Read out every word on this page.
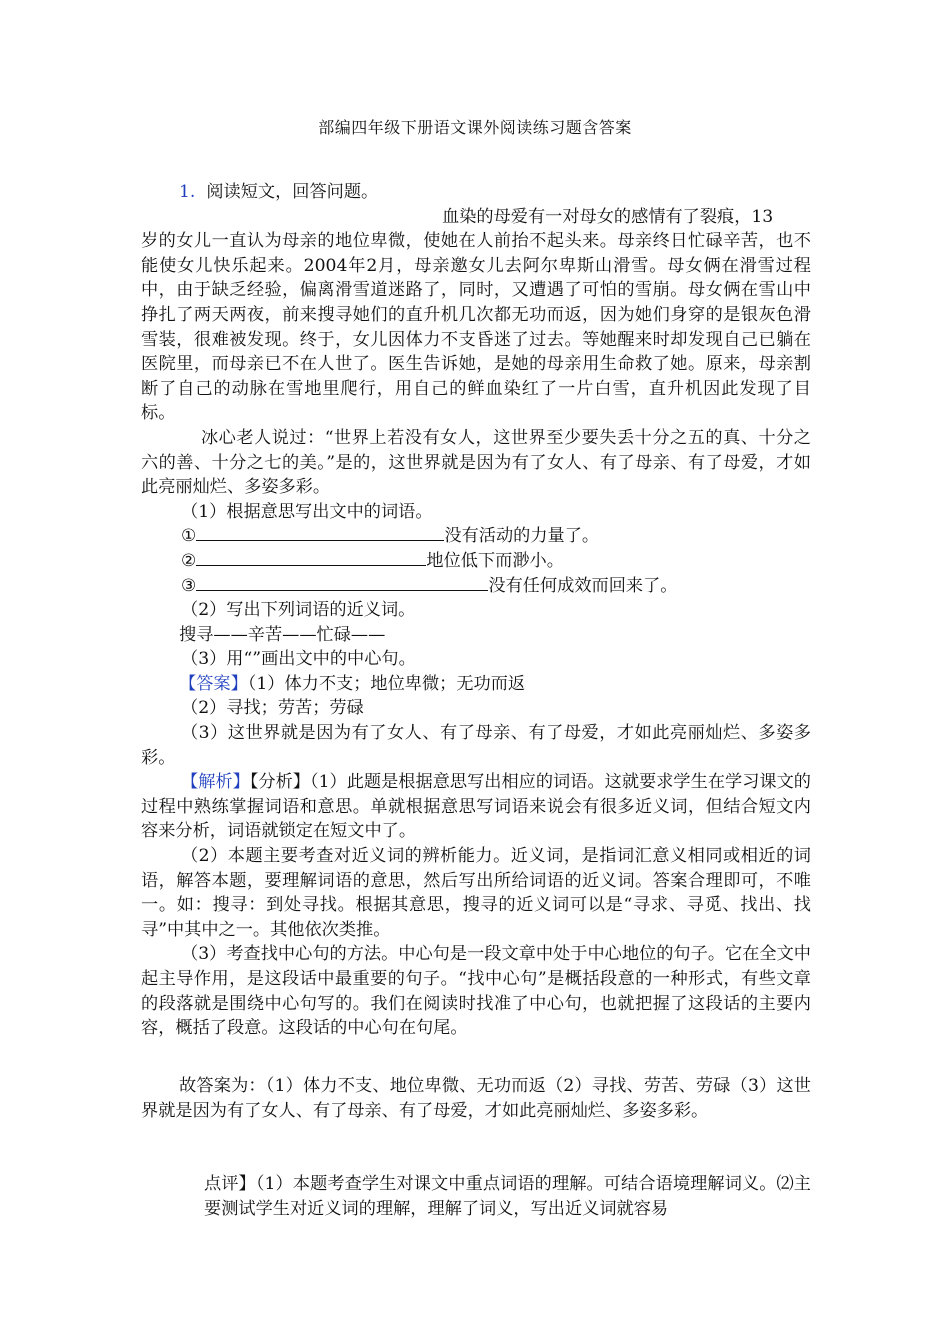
部编四年级下册语文课外阅读练习题含答案

1. 阅读短文，回答问题。

血染的母爱有一对母女的感情有了裂痕，13

岁的女儿一直认为母亲的地位卑微，使她在人前抬不起头来。母亲终日忙碌辛苦，也不能使女儿快乐起来。2004年2月，母亲邀女儿去阿尔卑斯山滑雪。母女俩在滑雪过程中，由于缺乏经验，偏离滑雪道迷路了，同时，又遭遇了可怕的雪崩。母女俩在雪山中挣扎了两天两夜，前来搜寻她们的直升机几次都无功而返，因为她们身穿的是银灰色滑雪装，很难被发现。终于，女儿因体力不支昏迷了过去。等她醒来时却发现自己已躺在医院里，而母亲已不在人世了。医生告诉她，是她的母亲用生命救了她。原来，母亲割断了自己的动脉在雪地里爬行，用自己的鲜血染红了一片白雪，直升机因此发现了目标。

冰心老人说过：“世界上若没有女人，这世界至少要失丢十分之五的真、十分之六的善、十分之七的美。”是的，这世界就是因为有了女人、有了母亲、有了母爱，才如此亮丽灿烂、多姿多彩。

（1）根据意思写出文中的词语。

①	没有活动的力量了。

②	地位低下而渺小。

③	没有任何成效而回来了。

（2）写出下列词语的近义词。

搜寻——辛苦——忙碌——

（3）用“”画出文中的中心句。

【答案】（1）体力不支；地位卑微；无功而返

（2）寻找；劳苦；劳碌

（3）这世界就是因为有了女人、有了母亲、有了母爱，才如此亮丽灿烂、多姿多彩。

【解析】【分析】（1）此题是根据意思写出相应的词语。这就要求学生在学习课文的过程中熟练掌握词语和意思。单就根据意思写词语来说会有很多近义词，但结合短文内容来分析，词语就锁定在短文中了。

（2）本题主要考查对近义词的辨析能力。近义词，是指词汇意义相同或相近的词语，解答本题，要理解词语的意思，然后写出所给词语的近义词。答案合理即可，不唯一。如：搜寻：到处寻找。根据其意思，搜寻的近义词可以是“寻求、寻觅、找出、找寻”中其中之一。其他依次类推。

（3）考查找中心句的方法。中心句是一段文章中处于中心地位的句子。它在全文中起主导作用，是这段话中最重要的句子。“找中心句”是概括段意的一种形式，有些文章的段落就是围绕中心句写的。我们在阅读时找准了中心句，也就把握了这段话的主要内容，概括了段意。这段话的中心句在句尾。

故答案为：（1）体力不支、地位卑微、无功而返（2）寻找、劳苦、劳碌（3）这世界就是因为有了女人、有了母亲、有了母爱，才如此亮丽灿烂、多姿多彩。

点评】（1）本题考查学生对课文中重点词语的理解。可结合语境理解词义。⑵主要测试学生对近义词的理解，理解了词义，写出近义词就容易
